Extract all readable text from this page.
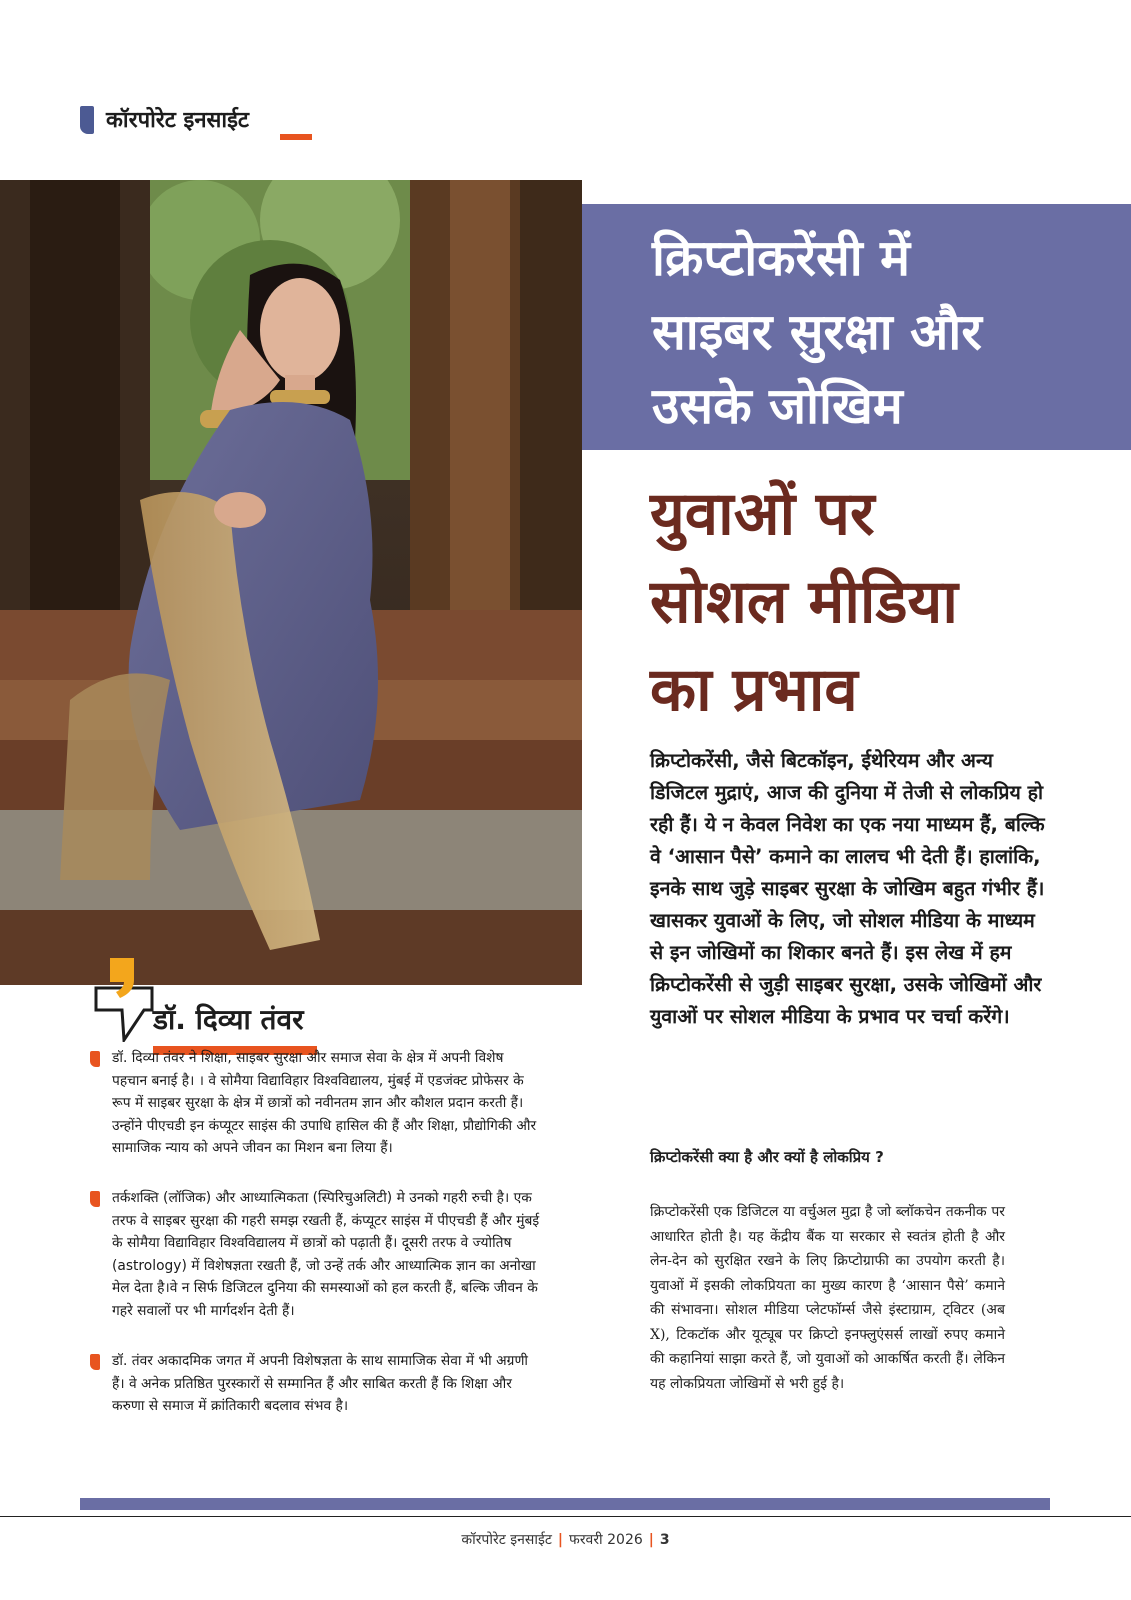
कॉरपोरेट इनसाईट
क्रिप्टोकरेंसी में
साइबर सुरक्षा और
उसके जोखिम
युवाओं पर
सोशल मीडिया
का प्रभाव

क्रिप्टोकरेंसी, जैसे बिटकॉइन, ईथेरियम और अन्य डिजिटल मुद्राएं, आज की दुनिया में तेजी से लोकप्रिय हो रही हैं। ये न केवल निवेश का एक नया माध्यम हैं, बल्कि वे ‘आसान पैसे’ कमाने का लालच भी देती हैं। हालांकि, इनके साथ जुड़े साइबर सुरक्षा के जोखिम बहुत गंभीर हैं। खासकर युवाओं के लिए, जो सोशल मीडिया के माध्यम से इन जोखिमों का शिकार बनते हैं। इस लेख में हम क्रिप्टोकरेंसी से जुड़ी साइबर सुरक्षा, उसके जोखिमों और युवाओं पर सोशल मीडिया के प्रभाव पर चर्चा करेंगे।

क्रिप्टोकरेंसी क्या है और क्यों है लोकप्रिय ?

क्रिप्टोकरेंसी एक डिजिटल या वर्चुअल मुद्रा है जो ब्लॉकचेन तकनीक पर आधारित होती है। यह केंद्रीय बैंक या सरकार से स्वतंत्र होती है और लेन-देन को सुरक्षित रखने के लिए क्रिप्टोग्राफी का उपयोग करती है। युवाओं में इसकी लोकप्रियता का मुख्य कारण है ‘आसान पैसे’ कमाने की संभावना। सोशल मीडिया प्लेटफॉर्म्स जैसे इंस्टाग्राम, ट्विटर (अब X), टिकटॉक और यूट्यूब पर क्रिप्टो इनफ्लुएंसर्स लाखों रुपए कमाने की कहानियां साझा करते हैं, जो युवाओं को आकर्षित करती हैं। लेकिन यह लोकप्रियता जोखिमों से भरी हुई है।

डॉ. दिव्या तंवर

डॉ. दिव्या तंवर ने शिक्षा, साइबर सुरक्षा और समाज सेवा के क्षेत्र में अपनी विशेष पहचान बनाई है। । वे सोमैया विद्याविहार विश्वविद्यालय, मुंबई में एडजंक्ट प्रोफेसर के रूप में साइबर सुरक्षा के क्षेत्र में छात्रों को नवीनतम ज्ञान और कौशल प्रदान करती हैं।उन्होंने पीएचडी इन कंप्यूटर साइंस की उपाधि हासिल की हैं और शिक्षा, प्रौद्योगिकी और सामाजिक न्याय को अपने जीवन का मिशन बना लिया हैं।

तर्कशक्ति (लॉजिक) और आध्यात्मिकता (स्पिरिचुअलिटी) मे उनको गहरी रुची है। एक तरफ वे साइबर सुरक्षा की गहरी समझ रखती हैं, कंप्यूटर साइंस में पीएचडी हैं और मुंबई के सोमैया विद्याविहार विश्वविद्यालय में छात्रों को पढ़ाती हैं। दूसरी तरफ वे ज्योतिष (astrology) में विशेषज्ञता रखती हैं, जो उन्हें तर्क और आध्यात्मिक ज्ञान का अनोखा मेल देता है।वे न सिर्फ डिजिटल दुनिया की समस्याओं को हल करती हैं, बल्कि जीवन के गहरे सवालों पर भी मार्गदर्शन देती हैं।

डॉ. तंवर अकादमिक जगत में अपनी विशेषज्ञता के साथ सामाजिक सेवा में भी अग्रणी हैं। वे अनेक प्रतिष्ठित पुरस्कारों से सम्मानित हैं और साबित करती हैं कि शिक्षा और करुणा से समाज में क्रांतिकारी बदलाव संभव है।

कॉरपोरेट इनसाईट | फरवरी 2026 | 3
